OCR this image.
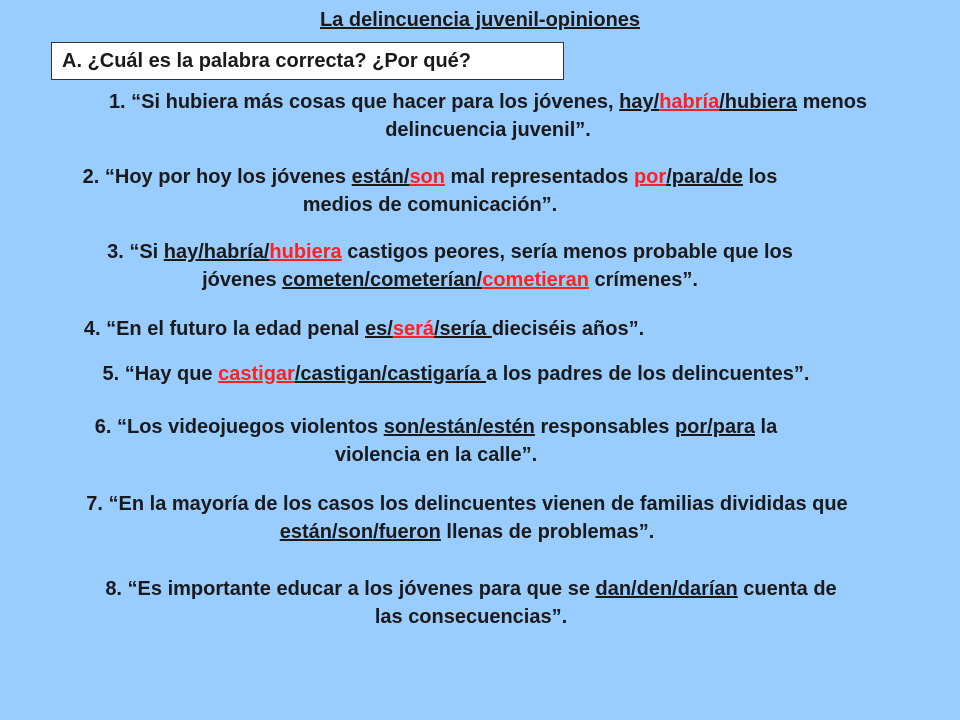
La delincuencia juvenil-opiniones
A. ¿Cuál es la palabra correcta? ¿Por qué?
1. “Si hubiera más cosas que hacer para los jóvenes, hay/habría/hubiera menos
delincuencia juvenil”.
2. “Hoy por hoy los jóvenes están/son mal representados por/para/de los
medios de comunicación”.
3. “Si hay/habría/hubiera castigos peores, sería menos probable que los
jóvenes cometen/cometerían/cometieran crímenes”.
4. “En el futuro la edad penal es/será/sería dieciséis años”.
5. “Hay que castigar/castigan/castigaría a los padres de los delincuentes”.
6. “Los videojuegos violentos son/están/estén responsables por/para la
violencia en la calle”.
7. “En la mayoría de los casos los delincuentes vienen de familias divididas que
están/son/fueron llenas de problemas”.
8. “Es importante educar a los jóvenes para que se dan/den/darían cuenta de
las consecuencias”.
